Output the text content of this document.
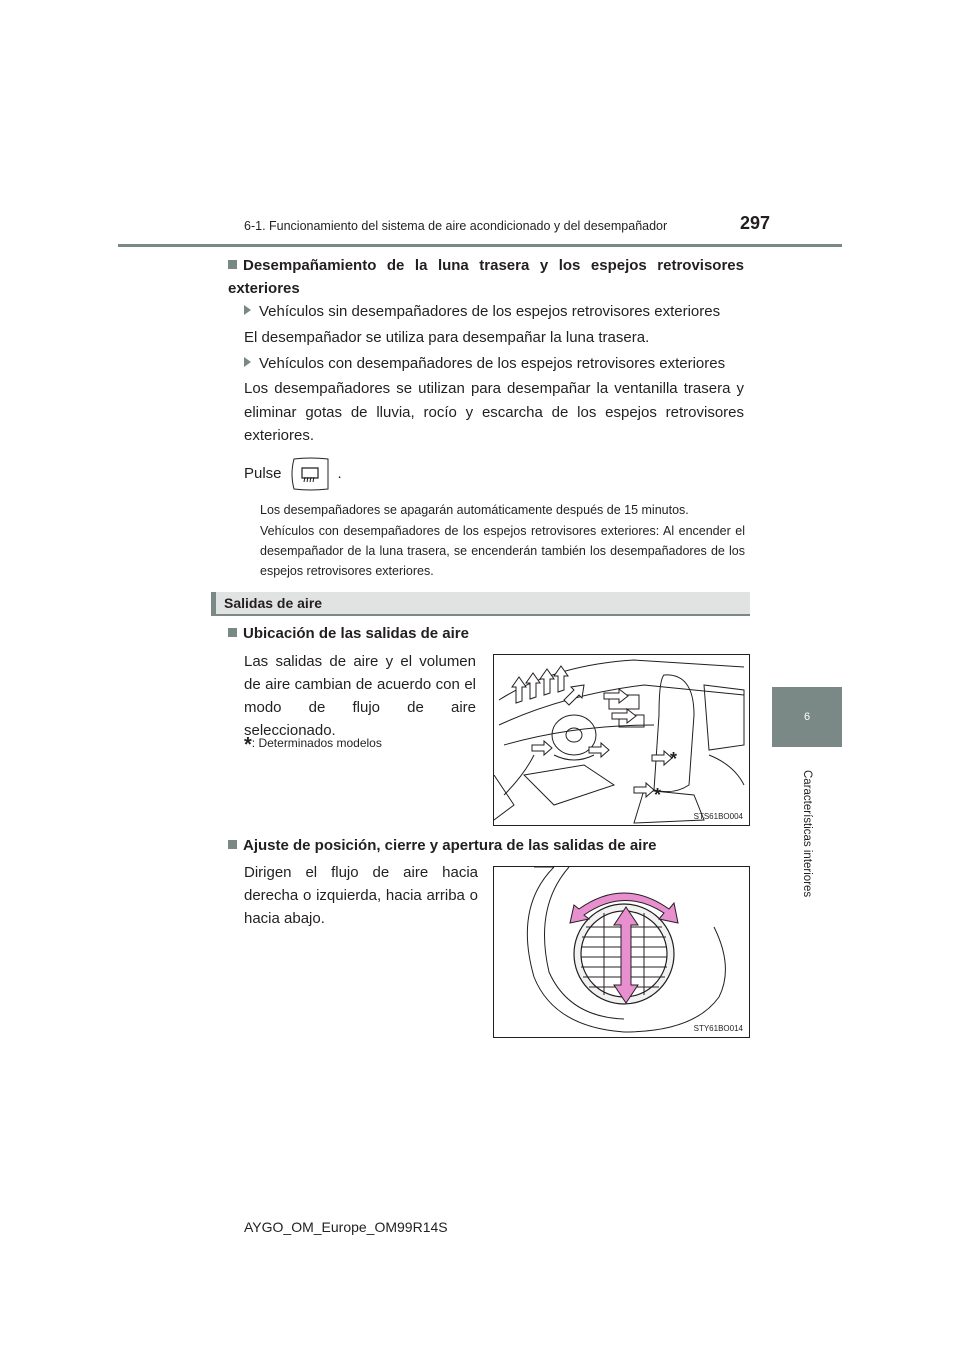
6-1. Funcionamiento del sistema de aire acondicionado y del desempañador	297
6
Características interiores
Desempañamiento de la luna trasera y los espejos retrovisores exteriores
Vehículos sin desempañadores de los espejos retrovisores exteriores
El desempañador se utiliza para desempañar la luna trasera.
Vehículos con desempañadores de los espejos retrovisores exteriores
Los desempañadores se utilizan para desempañar la ventanilla trasera y eliminar gotas de lluvia, rocío y escarcha de los espejos retrovisores exteriores.
Pulse	.
Los desempañadores se apagarán automáticamente después de 15 minutos.
Vehículos con desempañadores de los espejos retrovisores exteriores: Al encender el desempañador de la luna trasera, se encenderán también los desempañadores de los espejos retrovisores exteriores.
Salidas de aire
Ubicación de las salidas de aire
Las salidas de aire y el volumen de aire cambian de acuerdo con el modo de flujo de aire seleccionado.
*: Determinados modelos
*
*
STS61BO004
Ajuste de posición, cierre y apertura de las salidas de aire
Dirigen el flujo de aire hacia derecha o izquierda, hacia arriba o hacia abajo.
STY61BO014
AYGO_OM_Europe_OM99R14S
